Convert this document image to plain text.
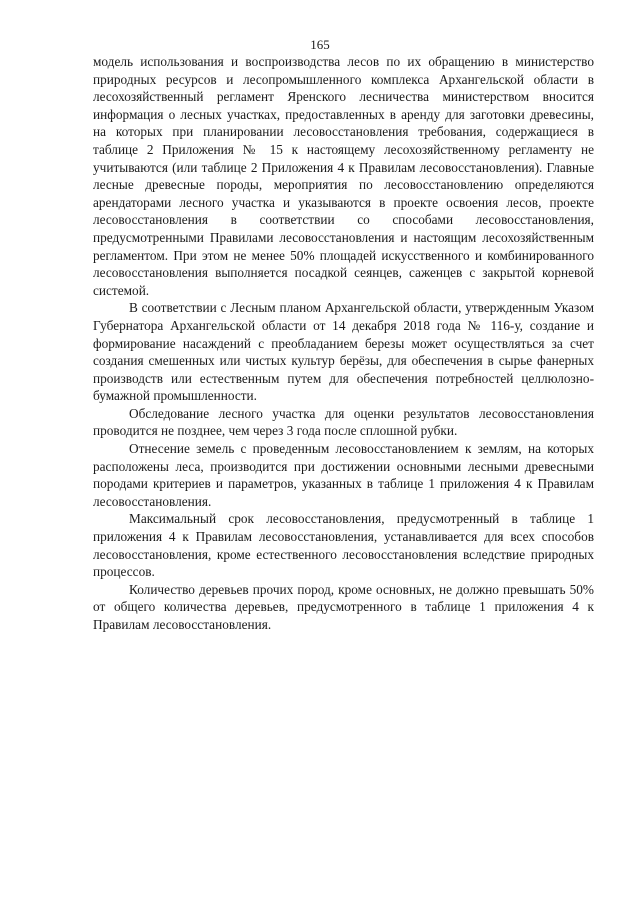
165

модель использования и воспроизводства лесов по их обращению в министерство природных ресурсов и лесопромышленного комплекса Архангельской области в лесохозяйственный регламент Яренского лесничества министерством вносится информация о лесных участках, предоставленных в аренду для заготовки древесины, на которых при планировании лесовосстановления требования, содержащиеся в таблице 2 Приложения № 15 к настоящему лесохозяйственному регламенту не учитываются (или таблице 2 Приложения 4 к Правилам лесовосстановления). Главные лесные древесные породы, мероприятия по лесовосстановлению определяются арендаторами лесного участка и указываются в проекте освоения лесов, проекте лесовосстановления в соответствии со способами лесовосстановления, предусмотренными Правилами лесовосстановления и настоящим лесохозяйственным регламентом. При этом не менее 50% площадей искусственного и комбинированного лесовосстановления выполняется посадкой сеянцев, саженцев с закрытой корневой системой.

В соответствии с Лесным планом Архангельской области, утвержденным Указом Губернатора Архангельской области от 14 декабря 2018 года № 116-у, создание и формирование насаждений с преобладанием березы может осуществляться за счет создания смешенных или чистых культур берёзы, для обеспечения в сырье фанерных производств или естественным путем для обеспечения потребностей целлюлозно-бумажной промышленности.

Обследование лесного участка для оценки результатов лесовосстановления проводится не позднее, чем через 3 года после сплошной рубки.

Отнесение земель с проведенным лесовосстановлением к землям, на которых расположены леса, производится при достижении основными лесными древесными породами критериев и параметров, указанных в таблице 1 приложения 4 к Правилам лесовосстановления.

Максимальный срок лесовосстановления, предусмотренный в таблице 1 приложения 4 к Правилам лесовосстановления, устанавливается для всех способов лесовосстановления, кроме естественного лесовосстановления вследствие природных процессов.

Количество деревьев прочих пород, кроме основных, не должно превышать 50% от общего количества деревьев, предусмотренного в таблице 1 приложения 4 к Правилам лесовосстановления.
